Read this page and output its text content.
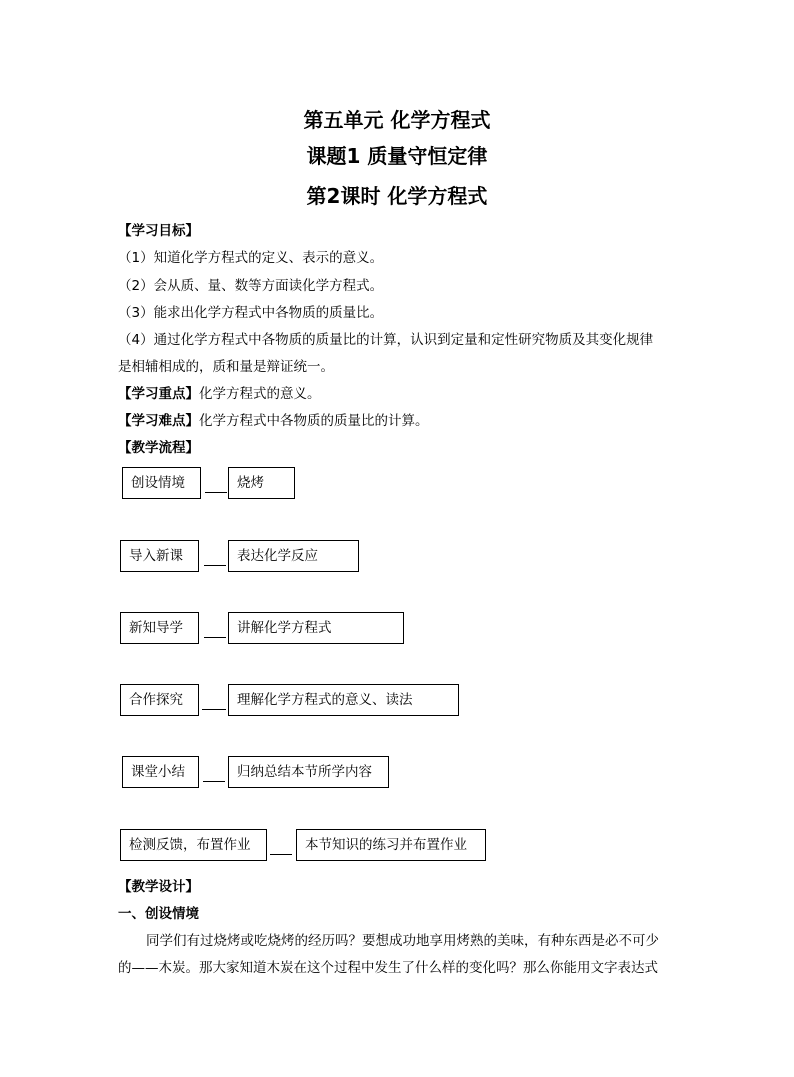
第五单元 化学方程式
课题1 质量守恒定律
第2课时 化学方程式
【学习目标】
（1）知道化学方程式的定义、表示的意义。
（2）会从质、量、数等方面读化学方程式。
（3）能求出化学方程式中各物质的质量比。
（4）通过化学方程式中各物质的质量比的计算，认识到定量和定性研究物质及其变化规律
是相辅相成的，质和量是辩证统一。
【学习重点】化学方程式的意义。
【学习难点】化学方程式中各物质的质量比的计算。
【教学流程】
创设情境	烧烤
导入新课	表达化学反应
新知导学	讲解化学方程式
合作探究	理解化学方程式的意义、读法
课堂小结	归纳总结本节所学内容
检测反馈，布置作业	本节知识的练习并布置作业
【教学设计】
一、创设情境
同学们有过烧烤或吃烧烤的经历吗？要想成功地享用烤熟的美味，有种东西是必不可少
的——木炭。那大家知道木炭在这个过程中发生了什么样的变化吗？那么你能用文字表达式
